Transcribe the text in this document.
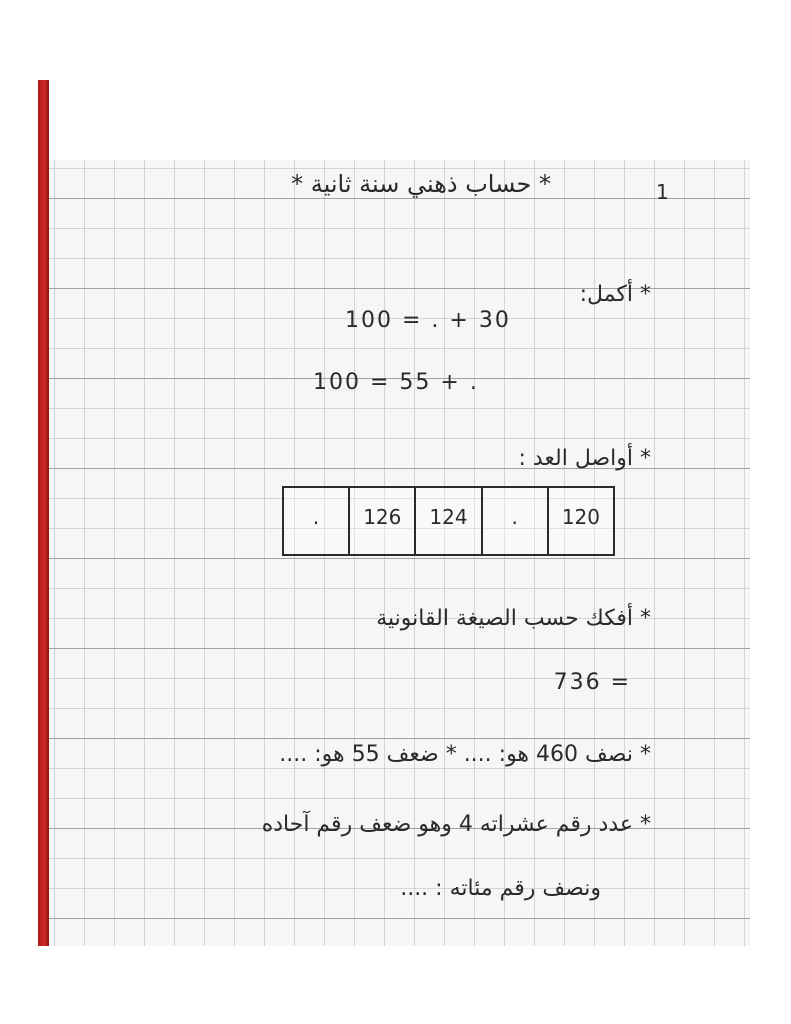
1
* حساب ذهني سنة ثانية *
* أكمل:
100 = . + 30
100 = 55 + .
* أواصل العد :
.	126	124	.	120
* أفكك حسب الصيغة القانونية
736 =
* نصف 460 هو: .... * ضعف 55 هو: ....
* عدد رقم عشراته 4 وهو ضعف رقم آحاده
ونصف رقم مئاته : ....
